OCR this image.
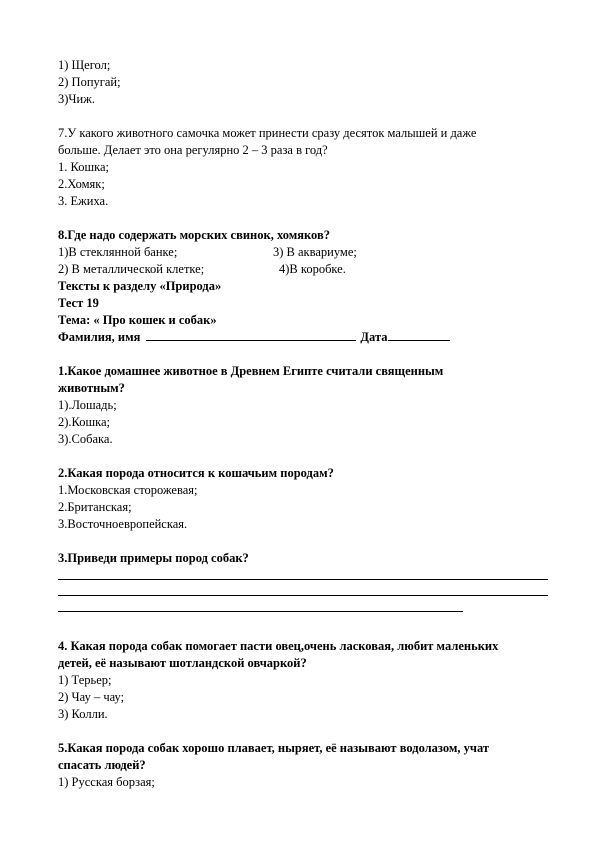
1) Щегол;
2) Попугай;
3)Чиж.
7.У какого животного самочка может принести сразу десяток малышей и даже
больше. Делает это она регулярно 2 – 3 раза в год?
1. Кошка;
2.Хомяк;
3. Ежиха.
8.Где надо содержать морских свинок, хомяков?
1)В стеклянной банке;	3) В аквариуме;
2) В металлической клетке;	4)В коробке.
Тексты к разделу «Природа»
Тест 19
Тема: « Про кошек и собак»
Фамилия, имя	Дата
1.Какое домашнее животное в Древнем Египте считали священным
животным?
1).Лошадь;
2).Кошка;
3).Собака.
2.Какая порода относится к кошачьим породам?
1.Московская сторожевая;
2.Британская;
3.Восточноевропейская.
3.Приведи примеры пород собак?
4. Какая порода собак помогает пасти овец,очень ласковая, любит маленьких
детей, её называют шотландской овчаркой?
1) Терьер;
2) Чау – чау;
3) Колли.
5.Какая порода собак хорошо плавает, ныряет, её называют водолазом, учат
спасать людей?
1) Русская борзая;
